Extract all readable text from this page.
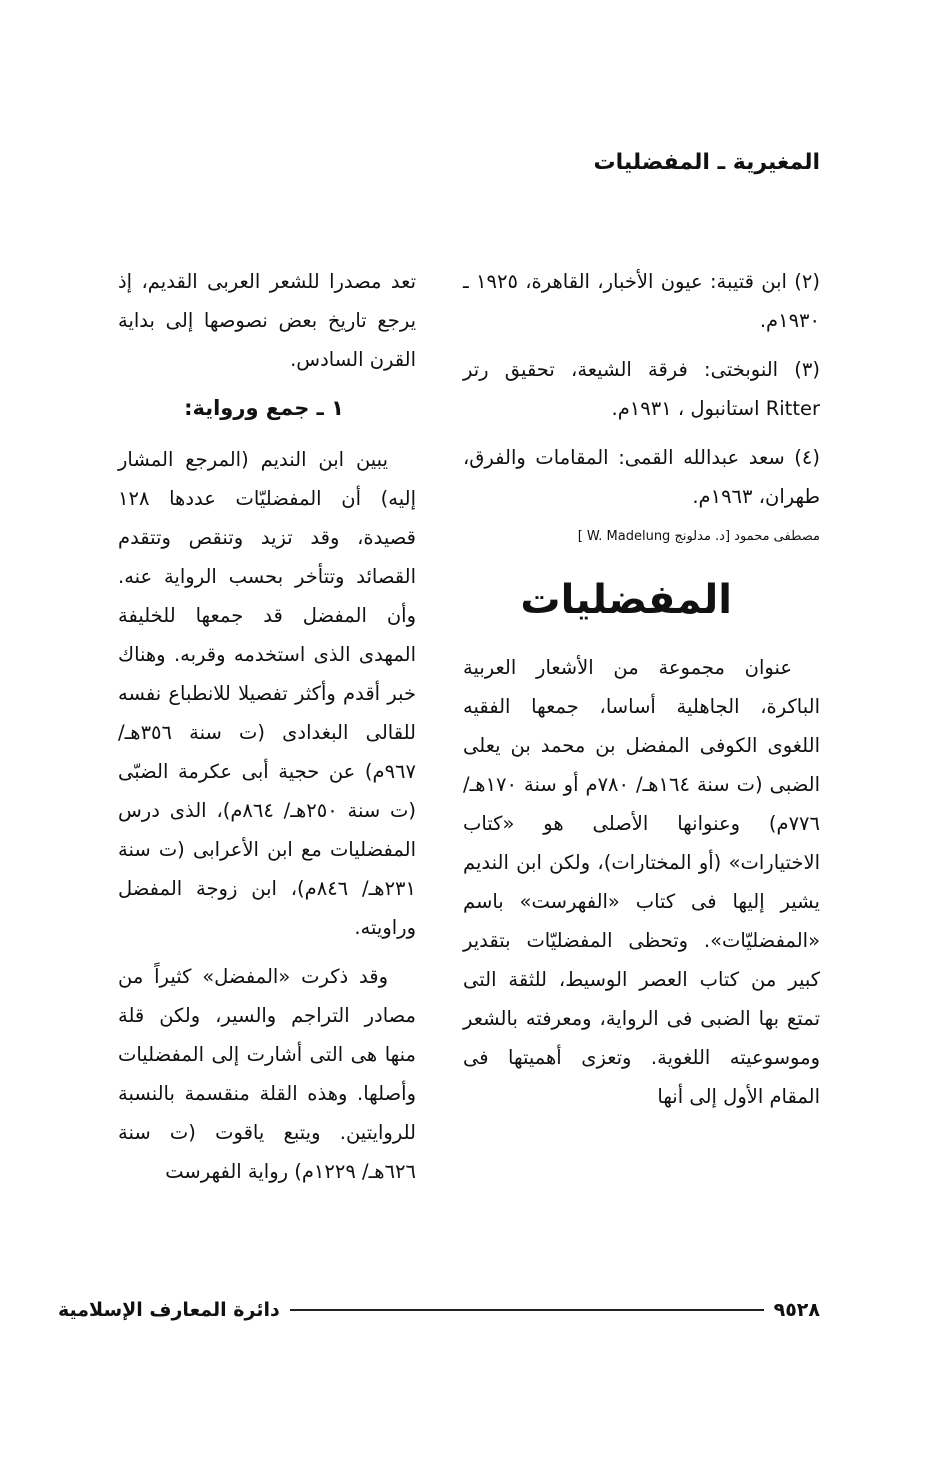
المغيرية ـ المفضليات

(٢) ابن قتيبة: عيون الأخبار، القاهرة، ١٩٢٥ ـ ١٩٣٠م.

(٣) النوبختى: فرقة الشيعة، تحقيق رتر Ritter استانبول ، ١٩٣١م.

(٤) سعد عبدالله القمى: المقامات والفرق، طهران، ١٩٦٣م.

مصطفى محمود [د. مدلونج W. Madelung ]
المفضليات

عنوان مجموعة من الأشعار العربية الباكرة، الجاهلية أساسا، جمعها الفقيه اللغوى الكوفى المفضل بن محمد بن يعلى الضبى (ت سنة ١٦٤هـ/ ٧٨٠م أو سنة ١٧٠هـ/ ٧٧٦م) وعنوانها الأصلى هو «كتاب الاختيارات» (أو المختارات)، ولكن ابن النديم يشير إليها فى كتاب «الفهرست» باسم «المفضليّات». وتحظى المفضليّات بتقدير كبير من كتاب العصر الوسيط، للثقة التى تمتع بها الضبى فى الرواية، ومعرفته بالشعر وموسوعيته اللغوية. وتعزى أهميتها فى المقام الأول إلى أنها

تعد مصدرا للشعر العربى القديم، إذ يرجع تاريخ بعض نصوصها إلى بداية القرن السادس.

١ ـ جمع ورواية:

يبين ابن النديم (المرجع المشار إليه) أن المفضليّات عددها ١٢٨ قصيدة، وقد تزيد وتنقص وتتقدم القصائد وتتأخر بحسب الرواية عنه. وأن المفضل قد جمعها للخليفة المهدى الذى استخدمه وقربه. وهناك خبر أقدم وأكثر تفصيلا للانطباع نفسه للقالى البغدادى (ت سنة ٣٥٦هـ/ ٩٦٧م) عن حجية أبى عكرمة الضبّى (ت سنة ٢٥٠هـ/ ٨٦٤م)، الذى درس المفضليات مع ابن الأعرابى (ت سنة ٢٣١هـ/ ٨٤٦م)، ابن زوجة المفضل وراويته.

وقد ذكرت «المفضل» كثيراً من مصادر التراجم والسير، ولكن قلة منها هى التى أشارت إلى المفضليات وأصلها. وهذه القلة منقسمة بالنسبة للروايتين. ويتبع ياقوت (ت سنة ٦٢٦هـ/ ١٢٢٩م) رواية الفهرست

٩٥٢٨
دائرة المعارف الإسلامية
